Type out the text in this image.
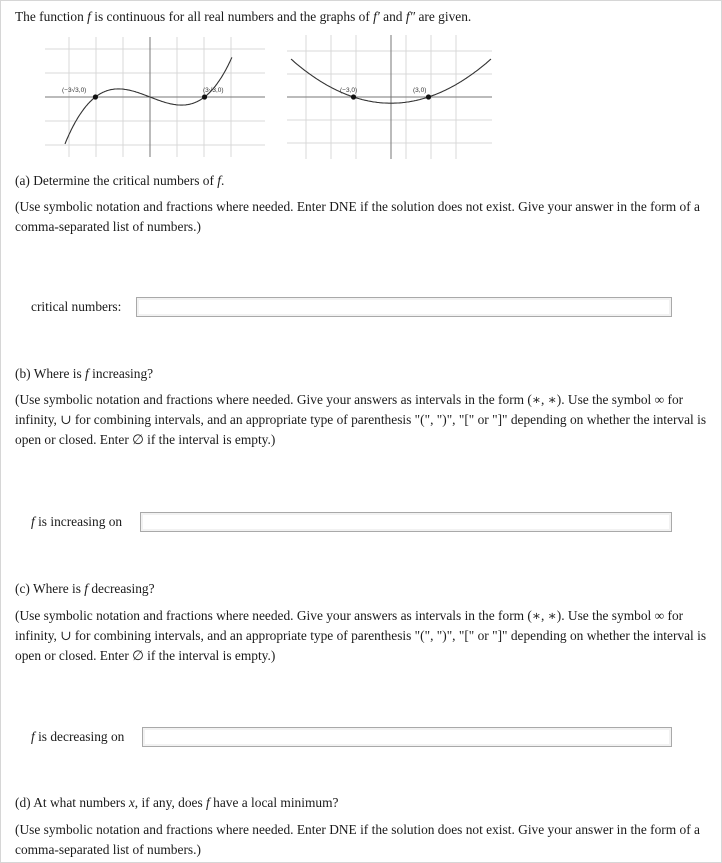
The function f is continuous for all real numbers and the graphs of f′ and f″ are given.
(−3√3,0)	(3√3,0)	(−3,0)	(3,0)
(a) Determine the critical numbers of f.
(Use symbolic notation and fractions where needed. Enter DNE if the solution does not exist. Give your answer in the form of a comma-separated list of numbers.)
critical numbers:
(b) Where is f increasing?
(Use symbolic notation and fractions where needed. Give your answers as intervals in the form (∗, ∗). Use the symbol ∞ for infinity, ∪ for combining intervals, and an appropriate type of parenthesis "(", ")", "[" or "]" depending on whether the interval is open or closed. Enter ∅ if the interval is empty.)
f is increasing on
(c) Where is f decreasing?
(Use symbolic notation and fractions where needed. Give your answers as intervals in the form (∗, ∗). Use the symbol ∞ for infinity, ∪ for combining intervals, and an appropriate type of parenthesis "(", ")", "[" or "]" depending on whether the interval is open or closed. Enter ∅ if the interval is empty.)
f is decreasing on
(d) At what numbers x, if any, does f have a local minimum?
(Use symbolic notation and fractions where needed. Enter DNE if the solution does not exist. Give your answer in the form of a comma-separated list of numbers.)
